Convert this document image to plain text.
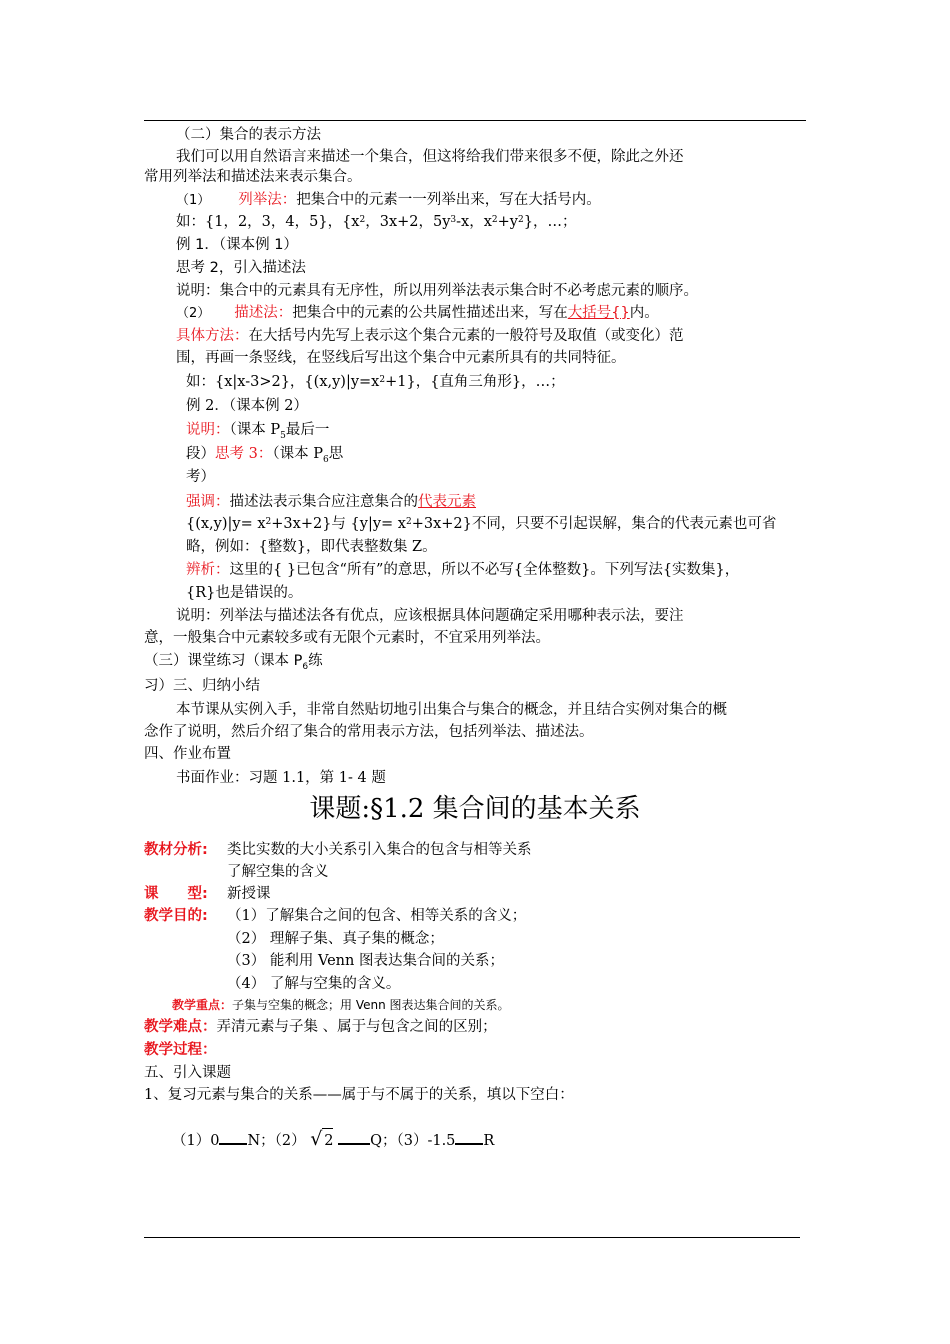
（二）集合的表示方法
我们可以用自然语言来描述一个集合，但这将给我们带来很多不便，除此之外还
常用列举法和描述法来表示集合。
（1） 列举法：把集合中的元素一一列举出来，写在大括号内。
如：{1，2，3，4，5}，{$x^2$，3x+2，$5y^3-x$，$x^2+y^2$}，…；
例 1．（课本例 1）
思考 2，引入描述法
说明：集合中的元素具有无序性，所以用列举法表示集合时不必考虑元素的顺序。
（2） 描述法：把集合中的元素的公共属性描述出来，写在大括号{}内。
具体方法：在大括号内先写上表示这个集合元素的一般符号及取值（或变化）范
围，再画一条竖线，在竖线后写出这个集合中元素所具有的共同特征。
如：{x|x-3>2}，$\{(x,y)|y=x^2+1\}$，{直角三角形}，…；
例 2．（课本例 2）
说明：（课本 $P_5$最后一
段）思考 3：（课本 $P_6$思
考）
强调：描述法表示集合应注意集合的代表元素
$\{(x,y)|y= x^2+3x+2\}$与 $\{y|y= x^2+3x+2\}$不同，只要不引起误解，集合的代表元素也可省
略，例如：{整数}，即代表整数集 Z。
辨析：这里的{ }已包含“所有”的意思，所以不必写{全体整数}。下列写法{实数集}，
{R}也是错误的。
说明：列举法与描述法各有优点，应该根据具体问题确定采用哪种表示法，要注
意，一般集合中元素较多或有无限个元素时，不宜采用列举法。
（三）课堂练习（课本 $P_6$练
习）三、归纳小结
本节课从实例入手，非常自然贴切地引出集合与集合的概念，并且结合实例对集合的概
念作了说明，然后介绍了集合的常用表示方法，包括列举法、描述法。
四、作业布置
书面作业：习题 1.1，第 1- 4 题
课题:§1.2 集合间的基本关系
教材分析: 类比实数的大小关系引入集合的包含与相等关系
了解空集的含义
课　　型: 新授课
教学目的: （1）了解集合之间的包含、相等关系的含义；
（2） 理解子集、真子集的概念；
（3） 能利用 Venn 图表达集合间的关系；
（4） 了解与空集的含义。
教学重点：子集与空集的概念；用 Venn 图表达集合间的关系。
教学难点：弄清元素与子集 、属于与包含之间的区别；
教学过程：
五、引入课题
1、复习元素与集合的关系——属于与不属于的关系，填以下空白：
（1）0 N；（2） √ 2	Q；（3）-1.5 R
